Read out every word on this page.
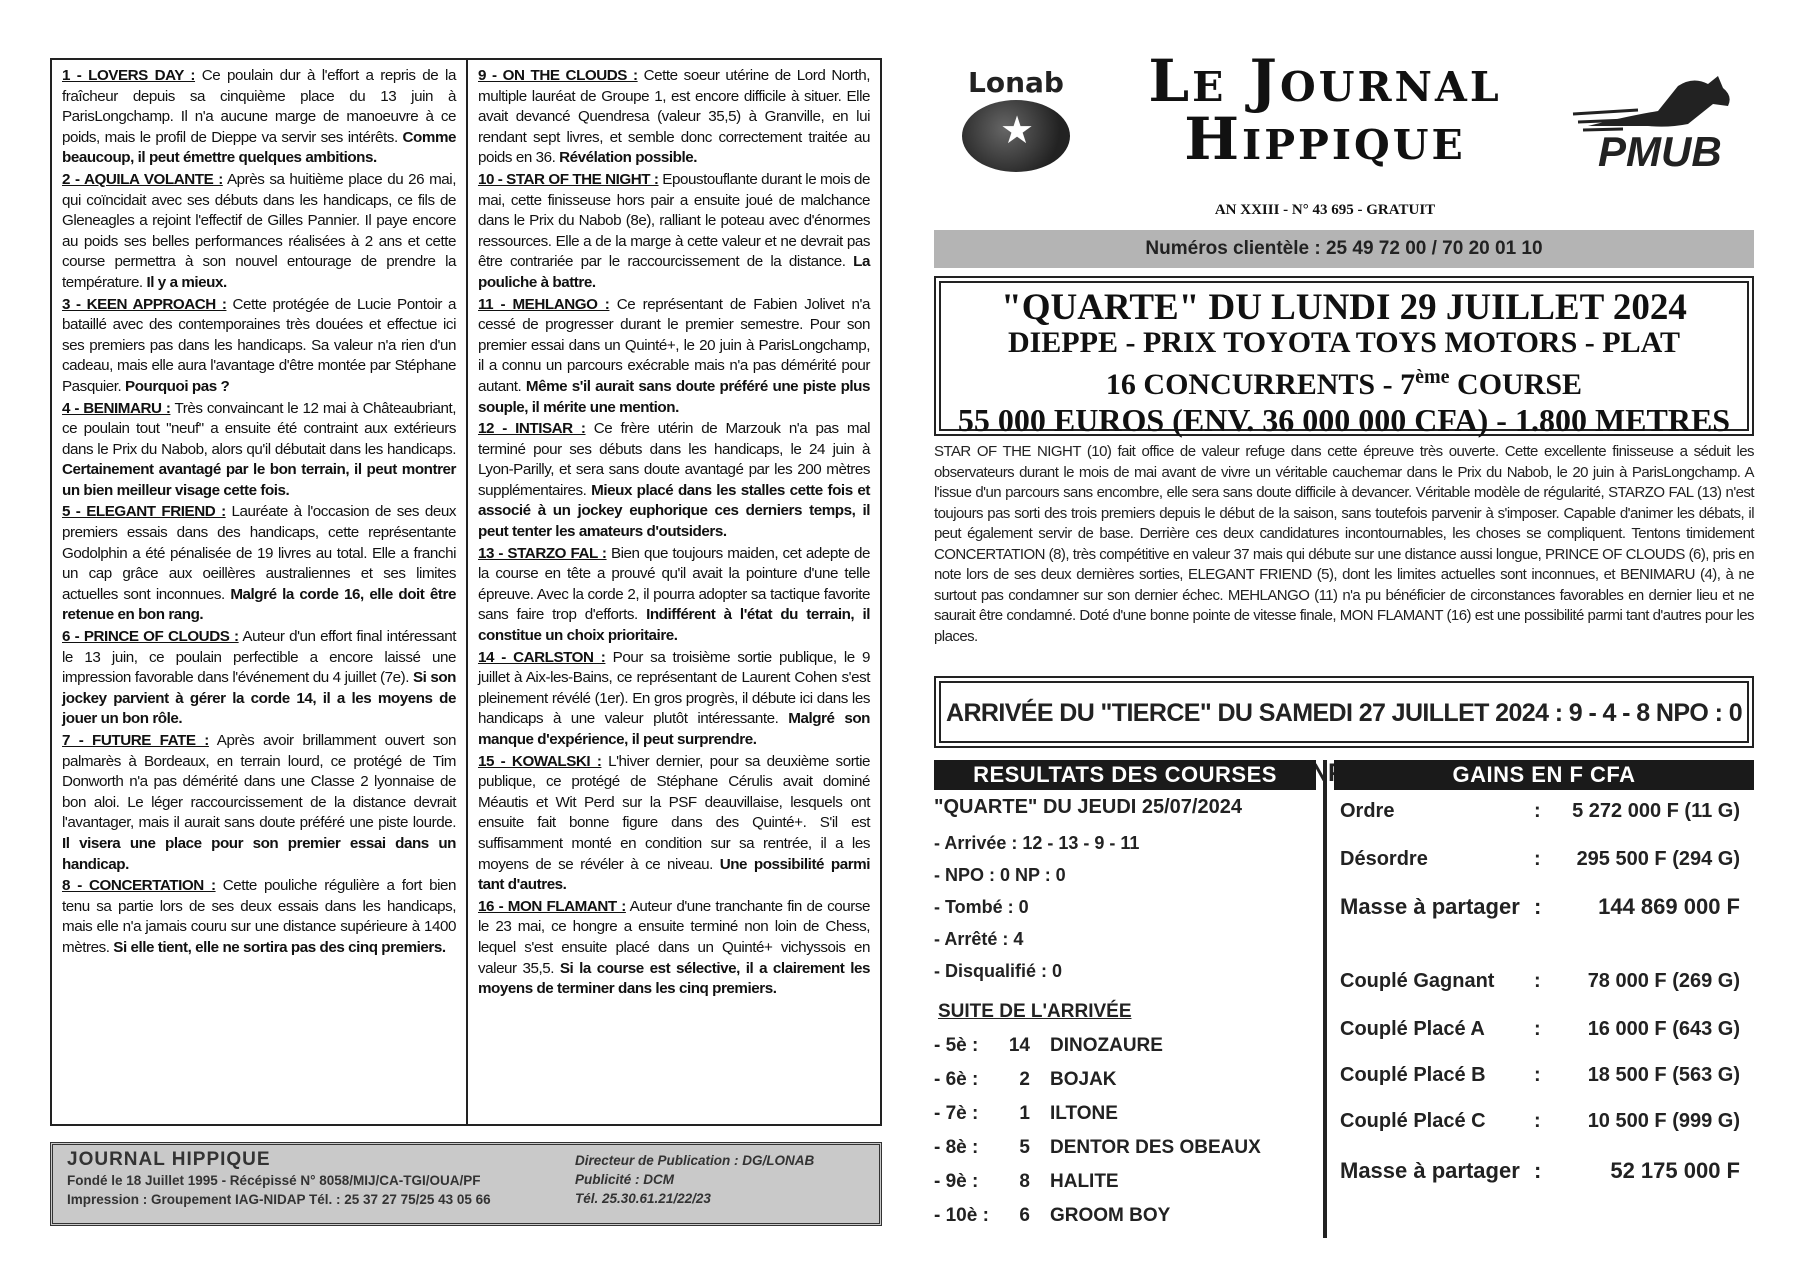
1 - LOVERS DAY : Ce poulain dur à l'effort a repris de la fraîcheur depuis sa cinquième place du 13 juin à ParisLongchamp. Il n'a aucune marge de manoeuvre à ce poids, mais le profil de Dieppe va servir ses intérêts. Comme beaucoup, il peut émettre quelques ambitions.
2 - AQUILA VOLANTE : Après sa huitième place du 26 mai, qui coïncidait avec ses débuts dans les handicaps, ce fils de Gleneagles a rejoint l'effectif de Gilles Pannier. Il paye encore au poids ses belles performances réalisées à 2 ans et cette course permettra à son nouvel entourage de prendre la température. Il y a mieux.
3 - KEEN APPROACH : Cette protégée de Lucie Pontoir a bataillé avec des contemporaines très douées et effectue ici ses premiers pas dans les handicaps. Sa valeur n'a rien d'un cadeau, mais elle aura l'avantage d'être montée par Stéphane Pasquier. Pourquoi pas ?
4 - BENIMARU : Très convaincant le 12 mai à Châteaubriant, ce poulain tout "neuf" a ensuite été contraint aux extérieurs dans le Prix du Nabob, alors qu'il débutait dans les handicaps. Certainement avantagé par le bon terrain, il peut montrer un bien meilleur visage cette fois.
5 - ELEGANT FRIEND : Lauréate à l'occasion de ses deux premiers essais dans des handicaps, cette représentante Godolphin a été pénalisée de 19 livres au total. Elle a franchi un cap grâce aux oeillères australiennes et ses limites actuelles sont inconnues. Malgré la corde 16, elle doit être retenue en bon rang.
6 - PRINCE OF CLOUDS : Auteur d'un effort final intéressant le 13 juin, ce poulain perfectible a encore laissé une impression favorable dans l'événement du 4 juillet (7e). Si son jockey parvient à gérer la corde 14, il a les moyens de jouer un bon rôle.
7 - FUTURE FATE : Après avoir brillamment ouvert son palmarès à Bordeaux, en terrain lourd, ce protégé de Tim Donworth n'a pas démérité dans une Classe 2 lyonnaise de bon aloi. Le léger raccourcissement de la distance devrait l'avantager, mais il aurait sans doute préféré une piste lourde. Il visera une place pour son premier essai dans un handicap.
8 - CONCERTATION : Cette pouliche régulière a fort bien tenu sa partie lors de ses deux essais dans les handicaps, mais elle n'a jamais couru sur une distance supérieure à 1400 mètres. Si elle tient, elle ne sortira pas des cinq premiers.
9 - ON THE CLOUDS : Cette soeur utérine de Lord North, multiple lauréat de Groupe 1, est encore difficile à situer. Elle avait devancé Quendresa (valeur 35,5) à Granville, en lui rendant sept livres, et semble donc correctement traitée au poids en 36. Révélation possible.
10 - STAR OF THE NIGHT : Epoustouflante durant le mois de mai, cette finisseuse hors pair a ensuite joué de malchance dans le Prix du Nabob (8e), ralliant le poteau avec d'énormes ressources. Elle a de la marge à cette valeur et ne devrait pas être contrariée par le raccourcissement de la distance. La pouliche à battre.
11 - MEHLANGO : Ce représentant de Fabien Jolivet n'a cessé de progresser durant le premier semestre. Pour son premier essai dans un Quinté+, le 20 juin à ParisLongchamp, il a connu un parcours exécrable mais n'a pas démérité pour autant. Même s'il aurait sans doute préféré une piste plus souple, il mérite une mention.
12 - INTISAR : Ce frère utérin de Marzouk n'a pas mal terminé pour ses débuts dans les handicaps, le 24 juin à Lyon-Parilly, et sera sans doute avantagé par les 200 mètres supplémentaires. Mieux placé dans les stalles cette fois et associé à un jockey euphorique ces derniers temps, il peut tenter les amateurs d'outsiders.
13 - STARZO FAL : Bien que toujours maiden, cet adepte de la course en tête a prouvé qu'il avait la pointure d'une telle épreuve. Avec la corde 2, il pourra adopter sa tactique favorite sans faire trop d'efforts. Indifférent à l'état du terrain, il constitue un choix prioritaire.
14 - CARLSTON : Pour sa troisième sortie publique, le 9 juillet à Aix-les-Bains, ce représentant de Laurent Cohen s'est pleinement révélé (1er). En gros progrès, il débute ici dans les handicaps à une valeur plutôt intéressante. Malgré son manque d'expérience, il peut surprendre.
15 - KOWALSKI : L'hiver dernier, pour sa deuxième sortie publique, ce protégé de Stéphane Cérulis avait dominé Méautis et Wit Perd sur la PSF deauvillaise, lesquels ont ensuite fait bonne figure dans des Quinté+. S'il est suffisamment monté en condition sur sa rentrée, il a les moyens de se révéler à ce niveau. Une possibilité parmi tant d'autres.
16 - MON FLAMANT : Auteur d'une tranchante fin de course le 23 mai, ce hongre a ensuite terminé non loin de Chess, lequel s'est ensuite placé dans un Quinté+ vichyssois en valeur 35,5. Si la course est sélective, il a clairement les moyens de terminer dans les cinq premiers.
JOURNAL HIPPIQUE
Fondé le 18 Juillet 1995 - Récépissé N° 8058/MIJ/CA-TGI/OUA/PF
Impression : Groupement IAG-NIDAP Tél. : 25 37 27 75/25 43 05 66
Directeur de Publication : DG/LONAB
Publicité : DCM
Tél. 25.30.61.21/22/23
★
Lonab	Le Journal
Hippique
AN XXIII - N° 43 695 - GRATUIT
PMUB
Numéros clientèle : 25 49 72 00 / 70 20 01 10
"QUARTE" DU LUNDI 29 JUILLET 2024
DIEPPE - PRIX TOYOTA TOYS MOTORS - PLAT
16 CONCURRENTS - 7ème COURSE
55 000 EUROS (ENV. 36 000 000 CFA) - 1.800 METRES
STAR OF THE NIGHT (10) fait office de valeur refuge dans cette épreuve très ouverte. Cette excellente finisseuse a séduit les observateurs durant le mois de mai avant de vivre un véritable cauchemar dans le Prix du Nabob, le 20 juin à ParisLongchamp. A l'issue d'un parcours sans encombre, elle sera sans doute difficile à devancer. Véritable modèle de régularité, STARZO FAL (13) n'est toujours pas sorti des trois premiers depuis le début de la saison, sans toutefois parvenir à s'imposer. Capable d'animer les débats, il peut également servir de base. Derrière ces deux candidatures incontournables, les choses se compliquent. Tentons timidement CONCERTATION (8), très compétitive en valeur 37 mais qui débute sur une distance aussi longue, PRINCE OF CLOUDS (6), pris en note lors de ses deux dernières sorties, ELEGANT FRIEND (5), dont les limites actuelles sont inconnues, et BENIMARU (4), à ne surtout pas condamner sur son dernier échec. MEHLANGO (11) n'a pu bénéficier de circonstances favorables en dernier lieu et ne saurait être condamné. Doté d'une bonne pointe de vitesse finale, MON FLAMANT (16) est une possibilité parmi tant d'autres pour les places.
ARRIVÉE DU "TIERCE" DU SAMEDI 27 JUILLET 2024 : 9 - 4 - 8 NPO : 0 NP
RESULTATS DES COURSES	GAINS EN F CFA
"QUARTE" DU JEUDI 25/07/2024
- Arrivée : 12 - 13 - 9 - 11
- NPO : 0 NP : 0
- Tombé : 0
- Arrêté : 4
- Disqualifié : 0
SUITE DE L'ARRIVÉE
- 5è :	14	DINOZAURE
- 6è :	2	BOJAK
- 7è :	1	ILTONE
- 8è :	5	DENTOR DES OBEAUX
- 9è :	8	HALITE
- 10è :	6	GROOM BOY
Ordre	:	5 272 000 F (11 G)
Désordre	:	295 500 F (294 G)
Masse à partager :	144 869 000 F
Couplé Gagnant	:	78 000 F (269 G)
Couplé Placé A	:	16 000 F (643 G)
Couplé Placé B	:	18 500 F (563 G)
Couplé Placé C	:	10 500 F (999 G)
Masse à partager :	52 175 000 F
